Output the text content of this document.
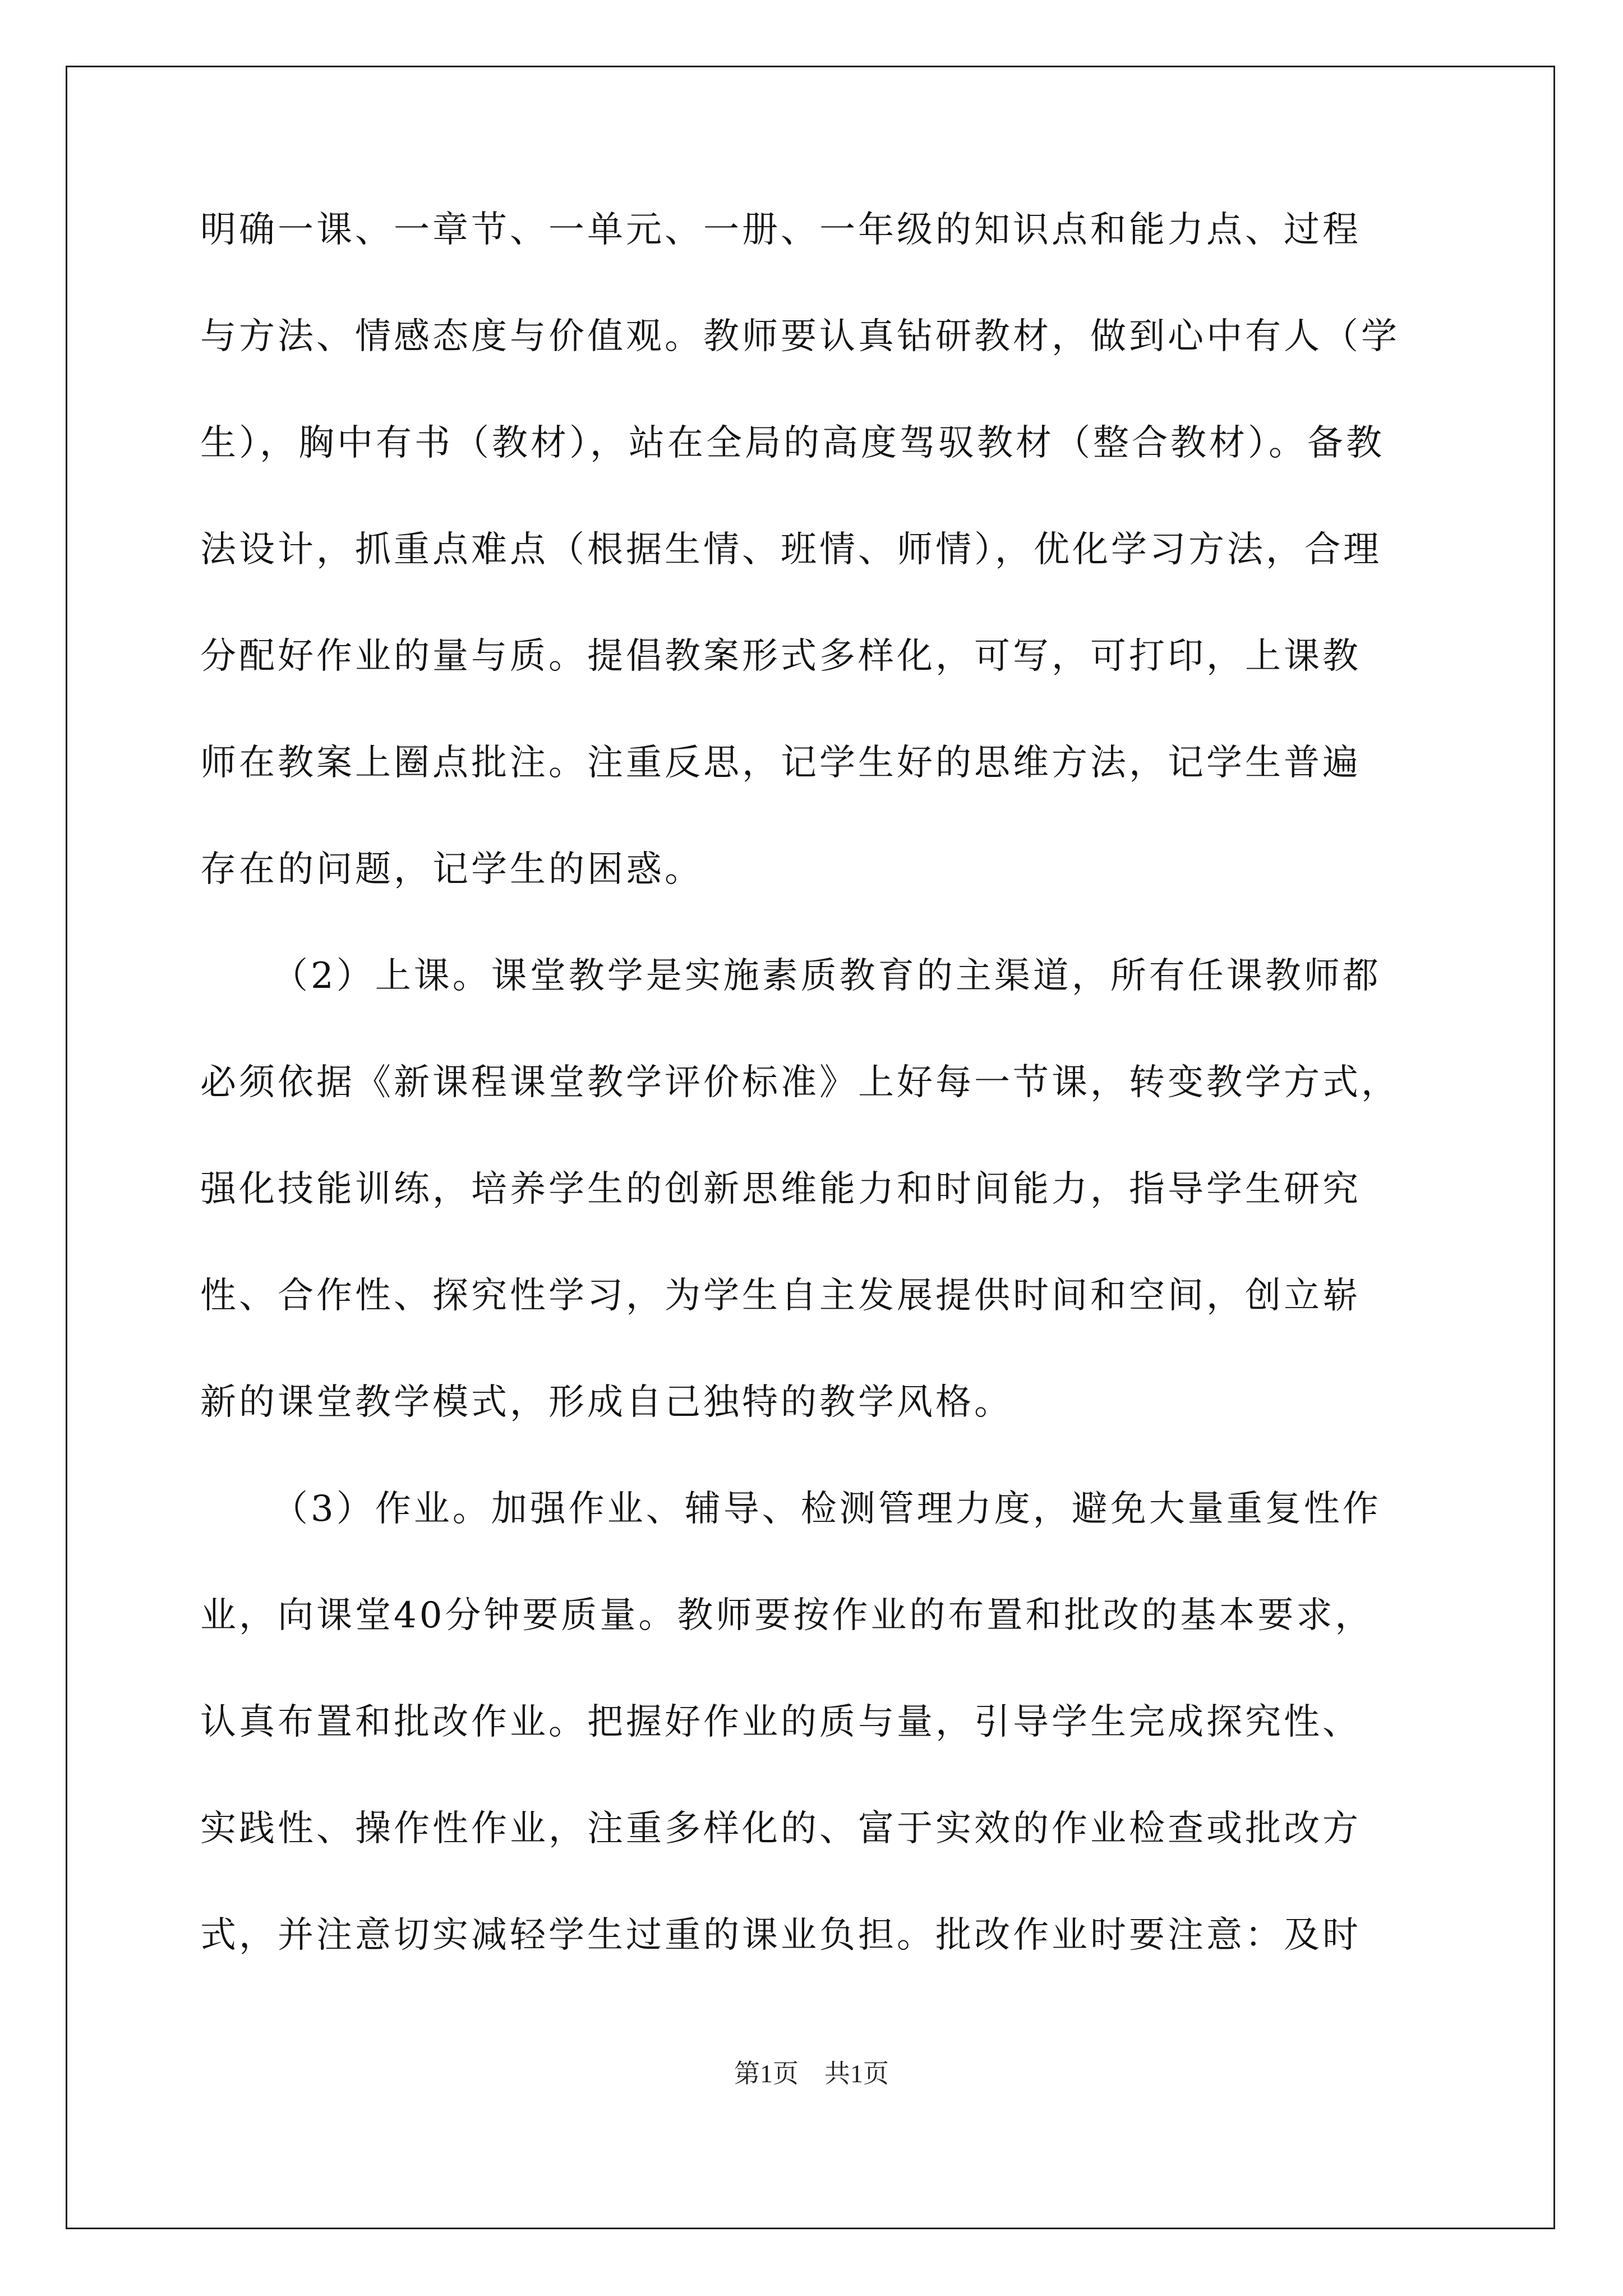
明确一课、一章节、一单元、一册、一年级的知识点和能力点、过程
与方法、情感态度与价值观。教师要认真钻研教材，做到心中有人（学
生），胸中有书（教材），站在全局的高度驾驭教材（整合教材）。备教
法设计，抓重点难点（根据生情、班情、师情），优化学习方法，合理
分配好作业的量与质。提倡教案形式多样化，可写，可打印，上课教
师在教案上圈点批注。注重反思，记学生好的思维方法，记学生普遍
存在的问题，记学生的困惑。
（2）上课。课堂教学是实施素质教育的主渠道，所有任课教师都
必须依据《新课程课堂教学评价标准》上好每一节课，转变教学方式，
强化技能训练，培养学生的创新思维能力和时间能力，指导学生研究
性、合作性、探究性学习，为学生自主发展提供时间和空间，创立崭
新的课堂教学模式，形成自己独特的教学风格。
（3）作业。加强作业、辅导、检测管理力度，避免大量重复性作
业，向课堂40分钟要质量。教师要按作业的布置和批改的基本要求，
认真布置和批改作业。把握好作业的质与量，引导学生完成探究性、
实践性、操作性作业，注重多样化的、富于实效的作业检查或批改方
式，并注意切实减轻学生过重的课业负担。批改作业时要注意：及时
第1页　共1页
